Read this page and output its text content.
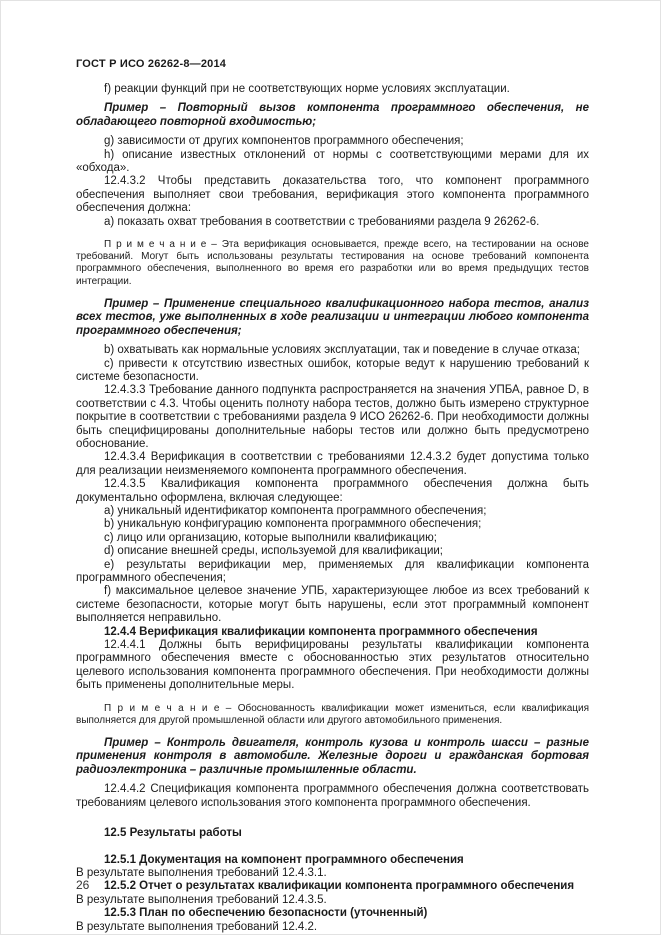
ГОСТ Р ИСО 26262-8—2014
f) реакции функций при не соответствующих норме условиях эксплуатации.
Пример – Повторный вызов компонента программного обеспечения, не обладающего повторной входимостью;
g) зависимости от других компонентов программного обеспечения;
h) описание известных отклонений от нормы с соответствующими мерами для их «обхода».
12.4.3.2 Чтобы представить доказательства того, что компонент программного обеспечения выполняет свои требования, верификация этого компонента программного обеспечения должна:
а) показать охват требования в соответствии с требованиями раздела 9 26262-6.
П р и м е ч а н и е – Эта верификация основывается, прежде всего, на тестировании на основе требований. Могут быть использованы результаты тестирования на основе требований компонента программного обеспечения, выполненного во время его разработки или во время предыдущих тестов интеграции.
Пример – Применение специального квалификационного набора тестов, анализ всех тестов, уже выполненных в ходе реализации и интеграции любого компонента программного обеспечения;
b) охватывать как нормальные условиях эксплуатации, так и поведение в случае отказа;
c) привести к отсутствию известных ошибок, которые ведут к нарушению требований к системе безопасности.
12.4.3.3 Требование данного подпункта распространяется на значения УПБА, равное D, в соответствии с 4.3. Чтобы оценить полноту набора тестов, должно быть измерено структурное покрытие в соответствии с требованиями раздела 9 ИСО 26262-6. При необходимости должны быть специфицированы дополнительные наборы тестов или должно быть предусмотрено обоснование.
12.4.3.4 Верификация в соответствии с требованиями 12.4.3.2 будет допустима только для реализации неизменяемого компонента программного обеспечения.
12.4.3.5 Квалификация компонента программного обеспечения должна быть документально оформлена, включая следующее:
а) уникальный идентификатор компонента программного обеспечения;
b) уникальную конфигурацию компонента программного обеспечения;
c) лицо или организацию, которые выполнили квалификацию;
d) описание внешней среды, используемой для квалификации;
е) результаты верификации мер, применяемых для квалификации компонента программного обеспечения;
f) максимальное целевое значение УПБ, характеризующее любое из всех требований к системе безопасности, которые могут быть нарушены, если этот программный компонент выполняется неправильно.
12.4.4 Верификация квалификации компонента программного обеспечения
12.4.4.1 Должны быть верифицированы результаты квалификации компонента программного обеспечения вместе с обоснованностью этих результатов относительно целевого использования компонента программного обеспечения. При необходимости должны быть применены дополнительные меры.
П р и м е ч а н и е – Обоснованность квалификации может измениться, если квалификация выполняется для другой промышленной области или другого автомобильного применения.
Пример – Контроль двигателя, контроль кузова и контроль шасси – разные применения контроля в автомобиле. Железные дороги и гражданская бортовая радиоэлектроника – различные промышленные области.
12.4.4.2 Спецификация компонента программного обеспечения должна соответствовать требованиям целевого использования этого компонента программного обеспечения.
12.5 Результаты работы
12.5.1 Документация на компонент программного обеспечения
В результате выполнения требований 12.4.3.1.
12.5.2 Отчет о результатах квалификации компонента программного обеспечения
В результате выполнения требований 12.4.3.5.
12.5.3 План по обеспечению безопасности (уточненный)
В результате выполнения требований 12.4.2.
26
